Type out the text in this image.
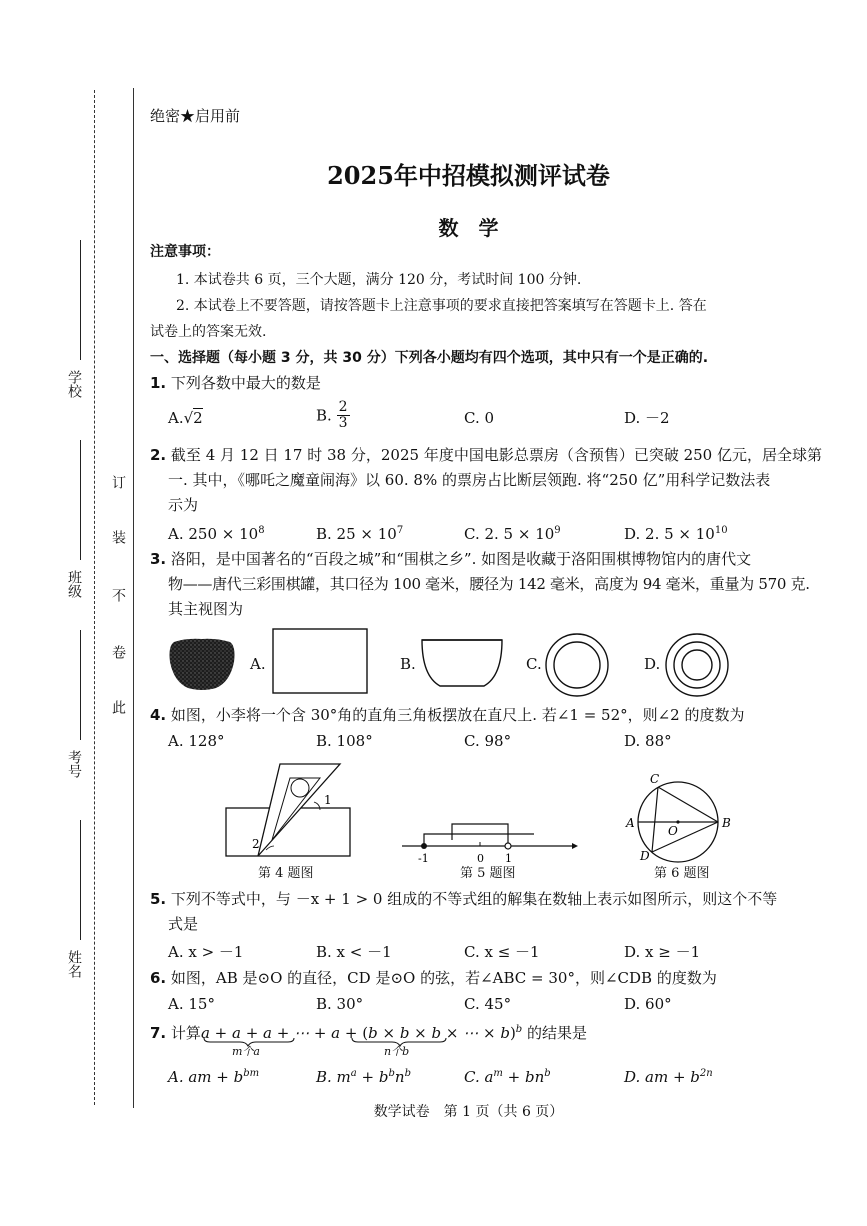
学校
班级
考号
姓名
订
装
不
卷
此
绝密★启用前
2025年中招模拟测评试卷
数　学
注意事项：
1. 本试卷共 6 页，三个大题，满分 120 分，考试时间 100 分钟.
2. 本试卷上不要答题，请按答题卡上注意事项的要求直接把答案填写在答题卡上. 答在
试卷上的答案无效.
一、选择题（每小题 3 分，共 30 分）下列各小题均有四个选项，其中只有一个是正确的.
1. 下列各数中最大的数是
A.√2	B. $\frac{2}{3}$	C. 0	D. －2
2. 截至 4 月 12 日 17 时 38 分，2025 年度中国电影总票房（含预售）已突破 250 亿元，居全球第
一. 其中，《哪吒之魔童闹海》以 60. 8% 的票房占比断层领跑. 将“250 亿”用科学记数法表
示为
A. $250 \times 10^8$	B. $25 \times 10^7$	C. 2. $5 \times 10^9$	D. 2. $5 \times 10^{10}$
3. 洛阳，是中国著名的“百段之城”和“围棋之乡”. 如图是收藏于洛阳围棋博物馆内的唐代文
物——唐代三彩围棋罐，其口径为 100 毫米，腰径为 142 毫米，高度为 94 毫米，重量为 570 克.
其主视图为
A.	B.	C.	D.
4. 如图，小李将一个含 30°角的直角三角板摆放在直尺上. 若∠1 = 52°，则∠2 的度数为
A. 128°	B. 108°	C. 98°	D. 88°
1
2
第 4 题图
-1	0 1
第 5 题图
C
A	B
D
O
第 6 题图
5. 下列不等式中，与 －x + 1 > 0 组成的不等式组的解集在数轴上表示如图所示，则这个不等
式是
A. x > －1	B. x < －1	C. x ≤ －1	D. x ≥ －1
6. 如图，AB 是⊙O 的直径，CD 是⊙O 的弦，若∠ABC = 30°，则∠CDB 的度数为
A. 15°	B. 30°	C. 45°	D. 60°
7. 计算a + a + a + ⋯ + a + (b × b × b × ⋯ × b)$^b$ 的结果是
m个a	n个b
A. am + $b^{bm}$	B. $m^a + b^bn^b$	C. $a^m + bn^b$	D. am + $b^{2n}$
数学试卷　第 1 页（共 6 页）
